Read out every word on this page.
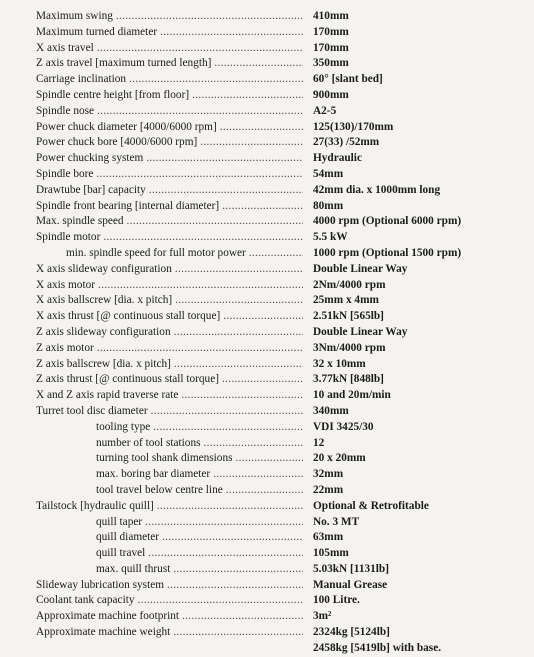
Maximum swing .....	410mm
Maximum turned diameter .....	170mm
X axis travel .....	170mm
Z axis travel [maximum turned length] .....	350mm
Carriage inclination .....	60° [slant bed]
Spindle centre height [from floor] .....	900mm
Spindle nose .....	A2-5
Power chuck diameter [4000/6000 rpm] .....	125(130)/170mm
Power chuck bore [4000/6000 rpm] .....	27(33) /52mm
Power chucking system .....	Hydraulic
Spindle bore .....	54mm
Drawtube [bar] capacity .....	42mm dia. x 1000mm long
Spindle front bearing [internal diameter] .....	80mm
Max. spindle speed .....	4000 rpm (Optional 6000 rpm)
Spindle motor .....	5.5 kW
min. spindle speed for full motor power .....	1000 rpm (Optional 1500 rpm)
X axis slideway configuration .....	Double Linear Way
X axis motor .....	2Nm/4000 rpm
X axis ballscrew [dia. x pitch] .....	25mm x 4mm
X axis thrust [@ continuous stall torque] .....	2.51kN [565lb]
Z axis slideway configuration .....	Double Linear Way
Z axis motor .....	3Nm/4000 rpm
Z axis ballscrew [dia. x pitch] .....	32 x 10mm
Z axis thrust [@ continuous stall torque] .....	3.77kN [848lb]
X and Z axis rapid traverse rate .....	10 and 20m/min
Turret tool disc diameter .....	340mm
tooling type .....	VDI 3425/30
number of tool stations .....	12
turning tool shank dimensions .....	20 x 20mm
max. boring bar diameter .....	32mm
tool travel below centre line .....	22mm
Tailstock [hydraulic quill] .....	Optional & Retrofitable
quill taper .....	No. 3 MT
quill diameter .....	63mm
quill travel .....	105mm
max. quill thrust .....	5.03kN [1131lb]
Slideway lubrication system .....	Manual Grease
Coolant tank capacity .....	100 Litre.
Approximate machine footprint .....	3m²
Approximate machine weight .....	2324kg [5124lb]
2458kg [5419lb] with base.
